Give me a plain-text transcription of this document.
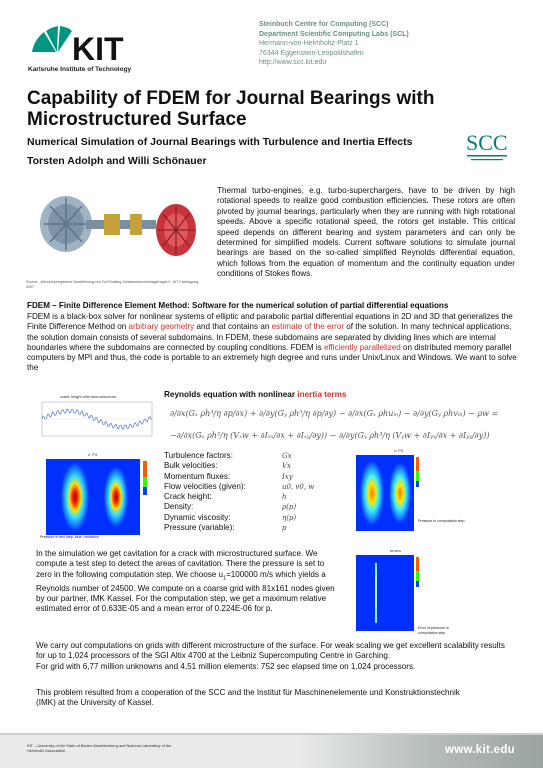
KIT
Karlsruhe Institute of Technology
Steinbuch Centre for Computing (SCC)
Department Scientific Computing Labs (SCL)
Hermann-von-Helmholtz-Platz 1
76344 Eggenstein-Leopoldshafen
http://www.scc.kit.edu
Capability of FDEM for Journal Bearings with Microstructured Surface
Numerical Simulation of Journal Bearings with Turbulence and Inertia Effects
Torsten Adolph and Willi Schönauer
SCC
Source: „Mehrkörpersysteme Modellierung von Full Floating-Schwimmbuchsenlagerlagern", KIT Fachtagung 2007
Thermal turbo-engines, e.g. turbo-superchargers, have to be driven by high rotational speeds to realize good combustion efficiencies. These rotors are often pivoted by journal bearings, particularly when they are running with high rotational speeds. Above a specific rotational speed, the rotors get instable. This critical speed depends on different bearing and system parameters and can only be determined for simplified models. Current software solutions to simulate journal bearings are based on the so-called simplified Reynolds differential equation, which follows from the equation of momentum and the continuity equation under conditions of Stokes flows.
FDEM – Finite Difference Element Method: Software for the numerical solution of partial differential equations
FDEM is a black-box solver for nonlinear systems of elliptic and parabolic partial differential equations in 2D and 3D that generalizes the Finite Difference Method on arbitrary geometry and that contains an estimate of the error of the solution. In many technical applications, the solution domain consists of several subdomains. In FDEM, these subdomains are separated by dividing lines which are internal boundaries where the subdomains are connected by coupling conditions. FDEM is efficiently parallelized on distributed memory parallel computers by MPI and thus, the code is portable to an extremely high degree and runs under Unix/Linux and Windows. We want to solve the
crack height with microstructure
z: P4
Pressure in test step, blue: cavitation
Reynolds equation with nonlinear inertia terms
∂/∂x(Gx ρh³/η ∂p/∂x) + ∂/∂y(Gy ρh³/η ∂p/∂y) − ∂/∂x(Gx ρhum) − ∂/∂y(Gy ρhvm) − ρw =
−∂/∂x(Gx ρh³/η (Vxw + ∂Ixx/∂x + ∂Ixy/∂y)) − ∂/∂y(Gy ρh³/η (Vyw + ∂Iyx/∂x + ∂Iyy/∂y))
Turbulence factors:	Gx
Bulk velocities:	Vx
Momentum fluxes:	Ixy
Flow velocities (given):	u0, v0, w
Crack height:	h
Density:	ρ(p)
Dynamic viscosity:	η(p)
Pressure (variable):	p
z: P4
Pressure in computation step
errora
Error of pressure in computation step
In the simulation we get cavitation for a crack with microstructured surface. We compute a test step to detect the areas of cavitation. There the pressure is set to zero in the following computation step. We choose $u_1=100000$ m/s which yields a Reynolds number of 24500. We compute on a coarse grid with 81x161 nodes given by our partner, IMK Kassel. For the computation step, we get a maximum relative estimated error of 0.633E-05 and a mean error of 0.224E-06 for p.
We carry out computations on grids with different microstructure of the surface. For weak scaling we get excellent scalability results for up to 1,024 processors of the SGI Altix 4700 at the Leibniz Supercomputing Centre in Garching.
For grid with 6,77 million unknowns and 4,51 million elements: 752 sec elapsed time on 1,024 processors.
This problem resulted from a cooperation of the SCC and the Institut für Maschinenelemente und Konstruktionstechnik (IMK) at the University of Kassel.
KIT – University of the State of Baden-Wuerttemberg and National Laboratory of the Helmholtz Association	www.kit.edu
